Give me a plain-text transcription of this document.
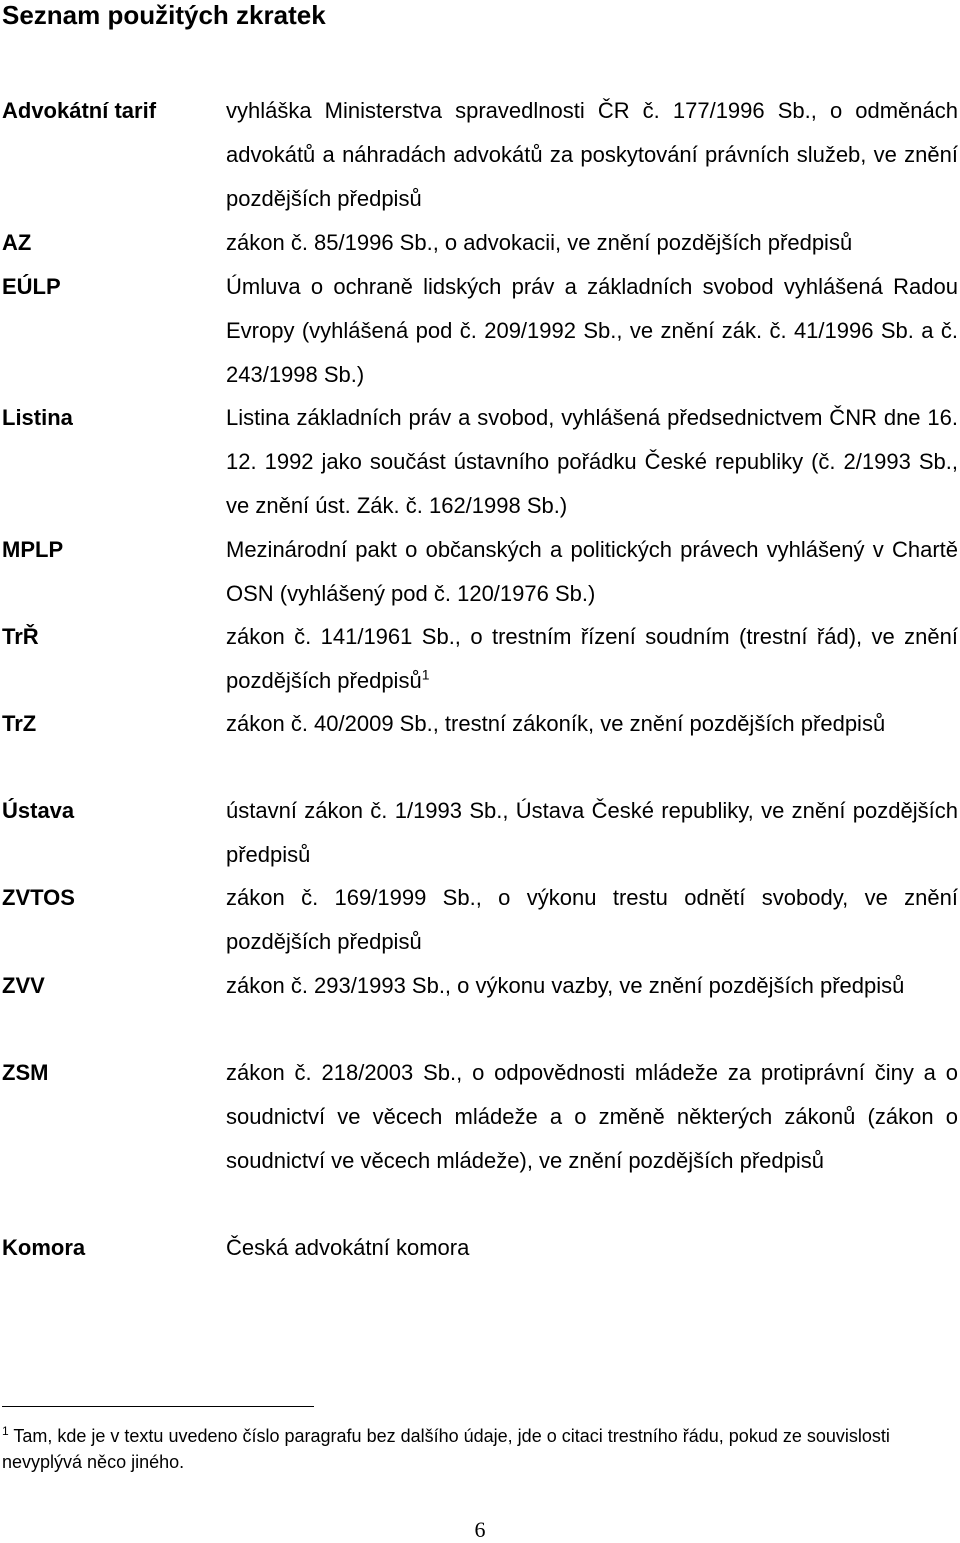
Seznam použitých zkratek
Advokátní tarif	vyhláška Ministerstva spravedlnosti ČR č. 177/1996 Sb., o odměnách advokátů a náhradách advokátů za poskytování právních služeb, ve znění pozdějších předpisů
AZ	zákon č. 85/1996 Sb., o advokacii, ve znění pozdějších předpisů
EÚLP	Úmluva o ochraně lidských práv a základních svobod vyhlášená Radou Evropy (vyhlášená pod č. 209/1992 Sb., ve znění zák. č. 41/1996 Sb. a č. 243/1998 Sb.)
Listina	Listina základních práv a svobod, vyhlášená předsednictvem ČNR dne 16. 12. 1992 jako součást ústavního pořádku České republiky (č. 2/1993 Sb., ve znění úst. Zák. č. 162/1998 Sb.)
MPLP	Mezinárodní pakt o občanských a politických právech vyhlášený v Chartě OSN (vyhlášený pod č. 120/1976 Sb.)
TrŘ	zákon č. 141/1961 Sb., o trestním řízení soudním (trestní řád), ve znění pozdějších předpisů$^1$
TrZ	zákon č. 40/2009 Sb., trestní zákoník, ve znění pozdějších předpisů
Ústava	ústavní zákon č. 1/1993 Sb., Ústava České republiky, ve znění pozdějších předpisů
ZVTOS	zákon č. 169/1999 Sb., o výkonu trestu odnětí svobody, ve znění pozdějších předpisů
ZVV	zákon č. 293/1993 Sb., o výkonu vazby, ve znění pozdějších předpisů
ZSM	zákon č. 218/2003 Sb., o odpovědnosti mládeže za protiprávní činy a o soudnictví ve věcech mládeže a o změně některých zákonů (zákon o soudnictví ve věcech mládeže), ve znění pozdějších předpisů
Komora	Česká advokátní komora
$^1$ Tam, kde je v textu uvedeno číslo paragrafu bez dalšího údaje, jde o citaci trestního řádu, pokud ze souvislosti nevyplývá něco jiného.
6
